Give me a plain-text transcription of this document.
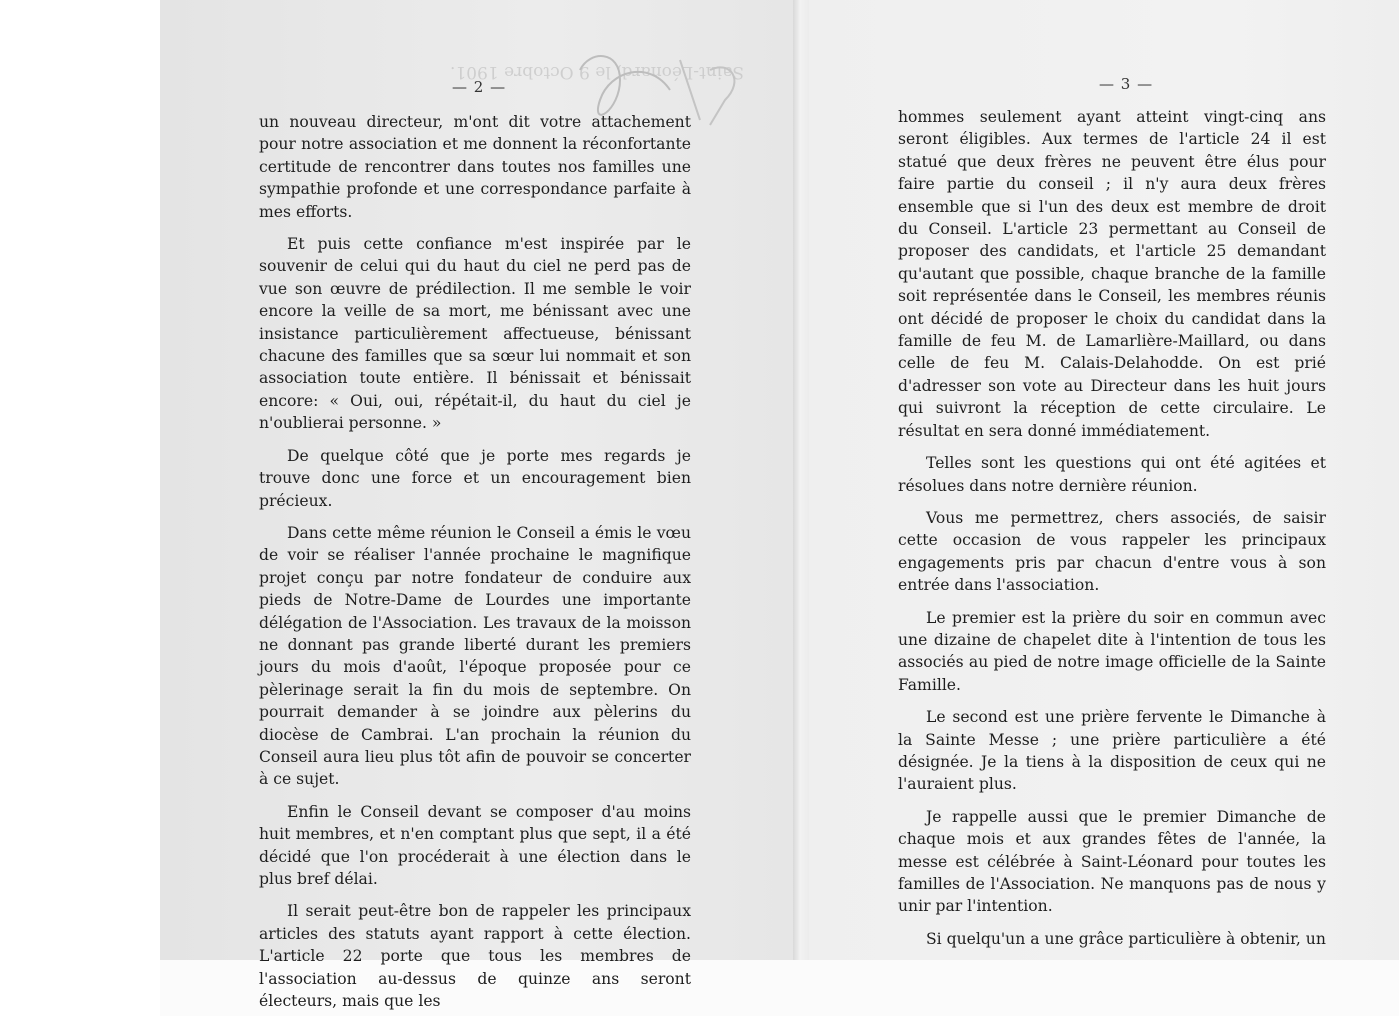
Saint-Léonard, le 9 Octobre 1901.
— 2 —	— 3 —

un nouveau directeur, m'ont dit votre attachement pour notre association et me donnent la réconfortante certitude de rencontrer dans toutes nos familles une sympathie profonde et une correspondance parfaite à mes efforts.

Et puis cette confiance m'est inspirée par le souvenir de celui qui du haut du ciel ne perd pas de vue son œuvre de prédilection. Il me semble le voir encore la veille de sa mort, me bénissant avec une insistance particulièrement affectueuse, bénissant chacune des familles que sa sœur lui nommait et son association toute entière. Il bénissait et bénissait encore: « Oui, oui, répétait-il, du haut du ciel je n'oublierai personne. »

De quelque côté que je porte mes regards je trouve donc une force et un encouragement bien précieux.

Dans cette même réunion le Conseil a émis le vœu de voir se réaliser l'année prochaine le magnifique projet conçu par notre fondateur de conduire aux pieds de Notre-Dame de Lourdes une importante délégation de l'Association. Les travaux de la moisson ne donnant pas grande liberté durant les premiers jours du mois d'août, l'époque proposée pour ce pèlerinage serait la fin du mois de septembre. On pourrait demander à se joindre aux pèlerins du diocèse de Cambrai. L'an prochain la réunion du Conseil aura lieu plus tôt afin de pouvoir se concerter à ce sujet.

Enfin le Conseil devant se composer d'au moins huit membres, et n'en comptant plus que sept, il a été décidé que l'on procéderait à une élection dans le plus bref délai.

Il serait peut-être bon de rappeler les principaux articles des statuts ayant rapport à cette élection. L'article 22 porte que tous les membres de l'association au-dessus de quinze ans seront électeurs, mais que les

hommes seulement ayant atteint vingt-cinq ans seront éligibles. Aux termes de l'article 24 il est statué que deux frères ne peuvent être élus pour faire partie du conseil ; il n'y aura deux frères ensemble que si l'un des deux est membre de droit du Conseil. L'article 23 permettant au Conseil de proposer des candidats, et l'article 25 demandant qu'autant que possible, chaque branche de la famille soit représentée dans le Conseil, les membres réunis ont décidé de proposer le choix du candidat dans la famille de feu M. de Lamarlière-Maillard, ou dans celle de feu M. Calais-Delahodde. On est prié d'adresser son vote au Directeur dans les huit jours qui suivront la réception de cette circulaire. Le résultat en sera donné immédiatement.

Telles sont les questions qui ont été agitées et résolues dans notre dernière réunion.

Vous me permettrez, chers associés, de saisir cette occasion de vous rappeler les principaux engagements pris par chacun d'entre vous à son entrée dans l'association.

Le premier est la prière du soir en commun avec une dizaine de chapelet dite à l'intention de tous les associés au pied de notre image officielle de la Sainte Famille.

Le second est une prière fervente le Dimanche à la Sainte Messe ; une prière particulière a été désignée. Je la tiens à la disposition de ceux qui ne l'auraient plus.

Je rappelle aussi que le premier Dimanche de chaque mois et aux grandes fêtes de l'année, la messe est célébrée à Saint-Léonard pour toutes les familles de l'Association. Ne manquons pas de nous y unir par l'intention.

Si quelqu'un a une grâce particulière à obtenir, un
